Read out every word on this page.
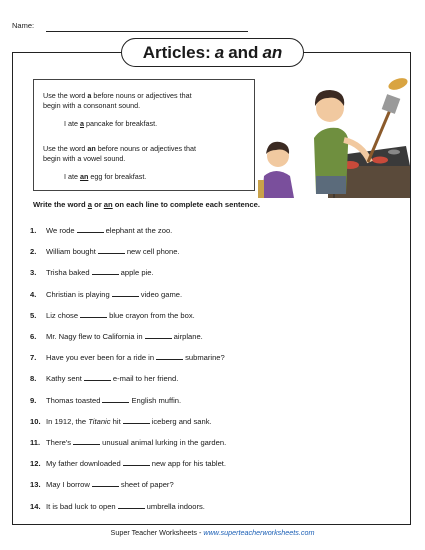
Name:
Articles: a and an
Use the word a before nouns or adjectives that
begin with a consonant sound.
I ate a pancake for breakfast.
Use the word an before nouns or adjectives that
begin with a vowel sound.
I ate an egg for breakfast.
Write the word a or an on each line to complete each sentence.
1. We rode	elephant at the zoo.
2. William bought	new cell phone.
3. Trisha baked	apple pie.
4. Christian is playing	video game.
5. Liz chose	blue crayon from the box.
6. Mr. Nagy flew to California in	airplane.
7. Have you ever been for a ride in	submarine?
8. Kathy sent	e-mail to her friend.
9. Thomas toasted	English muffin.
10. In 1912, the Titanic hit	iceberg and sank.
11. There's	unusual animal lurking in the garden.
12. My father downloaded	new app for his tablet.
13. May I borrow	sheet of paper?
14. It is bad luck to open	umbrella indoors.
Super Teacher Worksheets - www.superteacherworksheets.com
